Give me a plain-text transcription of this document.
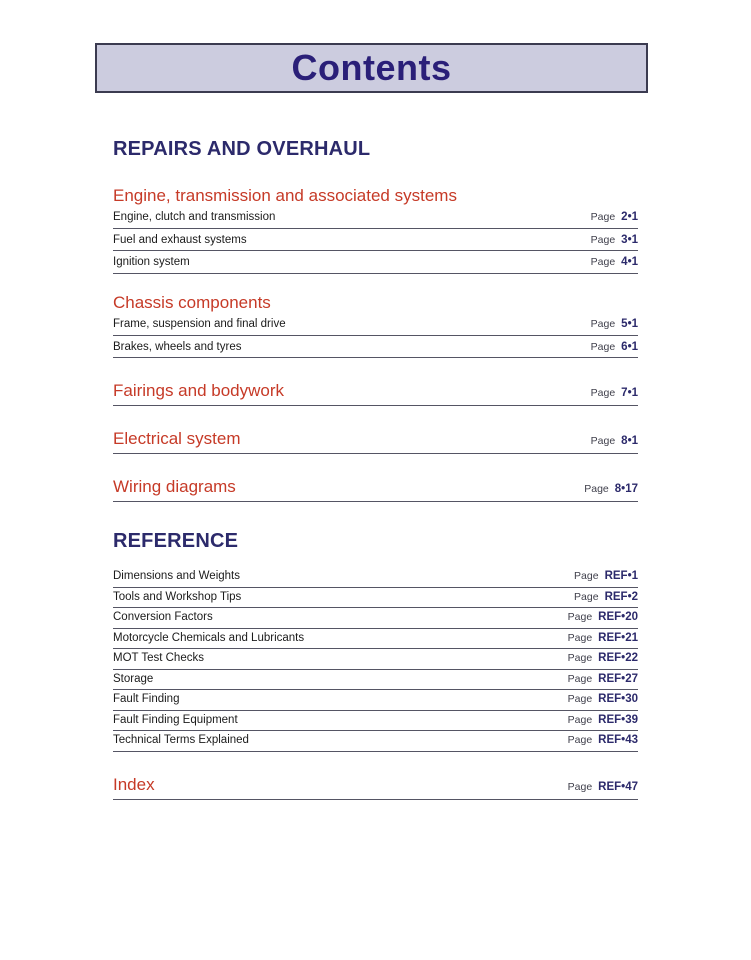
Contents
REPAIRS AND OVERHAUL
Engine, transmission and associated systems
Engine, clutch and transmission	Page 2•1
Fuel and exhaust systems	Page 3•1
Ignition system	Page 4•1
Chassis components
Frame, suspension and final drive	Page 5•1
Brakes, wheels and tyres	Page 6•1
Fairings and bodywork	Page 7•1
Electrical system	Page 8•1
Wiring diagrams	Page 8•17
REFERENCE
Dimensions and Weights	Page REF•1
Tools and Workshop Tips	Page REF•2
Conversion Factors	Page REF•20
Motorcycle Chemicals and Lubricants	Page REF•21
MOT Test Checks	Page REF•22
Storage	Page REF•27
Fault Finding	Page REF•30
Fault Finding Equipment	Page REF•39
Technical Terms Explained	Page REF•43
Index	Page REF•47
